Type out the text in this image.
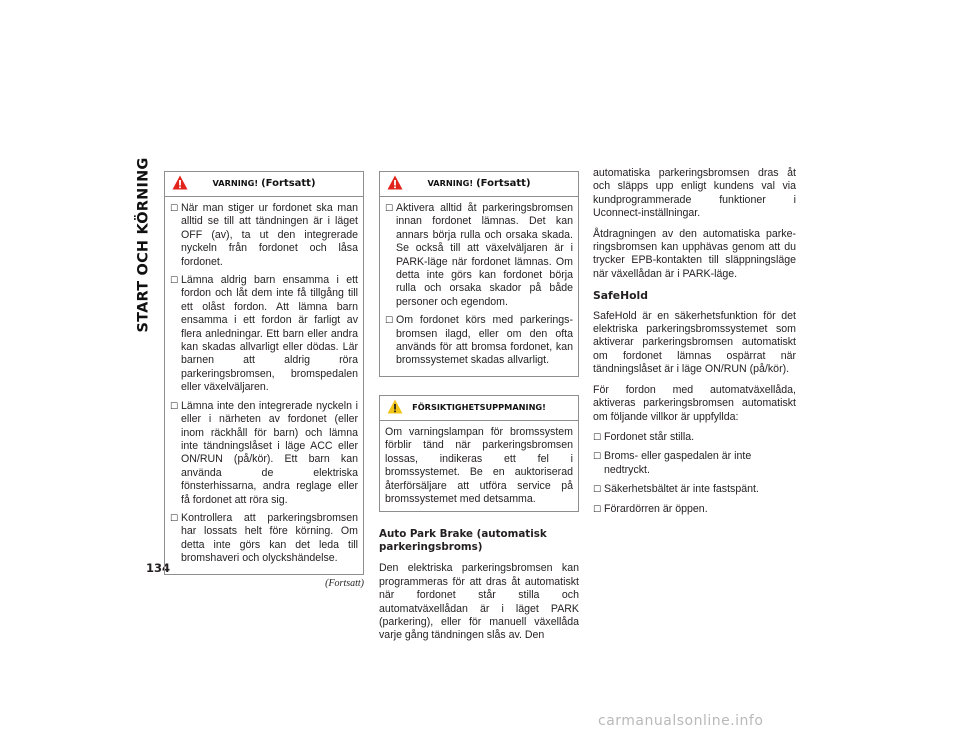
START OCH KÖRNING
134
VARNING! (Fortsatt)
☐ När man stiger ur fordonet ska man alltid se till att tändningen är i läget OFF (av), ta ut den integrerade nyckeln från fordonet och låsa fordonet.
☐ Lämna aldrig barn ensamma i ett fordon och låt dem inte få tillgång till ett olåst fordon. Att lämna barn ensamma i ett fordon är farligt av flera anledningar. Ett barn eller andra kan skadas allvarligt eller dödas. Lär barnen att aldrig röra parkeringsbromsen, bromspedalen eller växelväljaren.
☐ Lämna inte den integrerade nyckeln i eller i närheten av fordonet (eller inom räckhåll för barn) och lämna inte tändningslåset i läge ACC eller ON/RUN (på/kör). Ett barn kan använda de elektriska fönsterhissarna, andra reglage eller få fordonet att röra sig.
☐ Kontrollera att parkeringsbromsen har lossats helt före körning. Om detta inte görs kan det leda till bromshaveri och olyckshändelse.
(Fortsatt)
VARNING! (Fortsatt)
☐ Aktivera alltid åt parkeringsbromsen innan fordonet lämnas. Det kan annars börja rulla och orsaka skada. Se också till att växelväljaren är i PARK-läge när fordonet lämnas. Om detta inte görs kan fordonet börja rulla och orsaka skador på både personer och egendom.
☐ Om fordonet körs med parkeringsbromsen ilagd, eller om den ofta används för att bromsa fordonet, kan bromssystemet skadas allvarligt.
FÖRSIKTIGHETSUPPMANING!
Om varningslampan för bromssystem förblir tänd när parkeringsbromsen lossas, indikeras ett fel i bromssystemet. Be en auktoriserad återförsäljare att utföra service på bromssystemet med detsamma.
Auto Park Brake (automatisk parkeringsbroms)
Den elektriska parkeringsbromsen kan programmeras för att dras åt automatiskt när fordonet står stilla och automatväxellådan är i läget PARK (parkering), eller för manuell växellåda varje gång tändningen slås av. Den
automatiska parkeringsbromsen dras åt och släpps upp enligt kundens val via kundprogrammerade funktioner i Uconnect-inställningar.
Åtdragningen av den automatiska parkeringsbromsen kan upphävas genom att du trycker EPB-kontakten till släppningsläge när växellådan är i PARK-läge.
SafeHold
SafeHold är en säkerhetsfunktion för det elektriska parkeringsbromssystemet som aktiverar parkeringsbromsen automatiskt om fordonet lämnas ospärrat när tändningslåset är i läge ON/RUN (på/kör).
För fordon med automatväxellåda, aktiveras parkeringsbromsen automatiskt om följande villkor är uppfyllda:
☐ Fordonet står stilla.
☐ Broms- eller gaspedalen är inte nedtryckt.
☐ Säkerhetsbältet är inte fastspänt.
☐ Förardörren är öppen.
carmanualsonline.info
